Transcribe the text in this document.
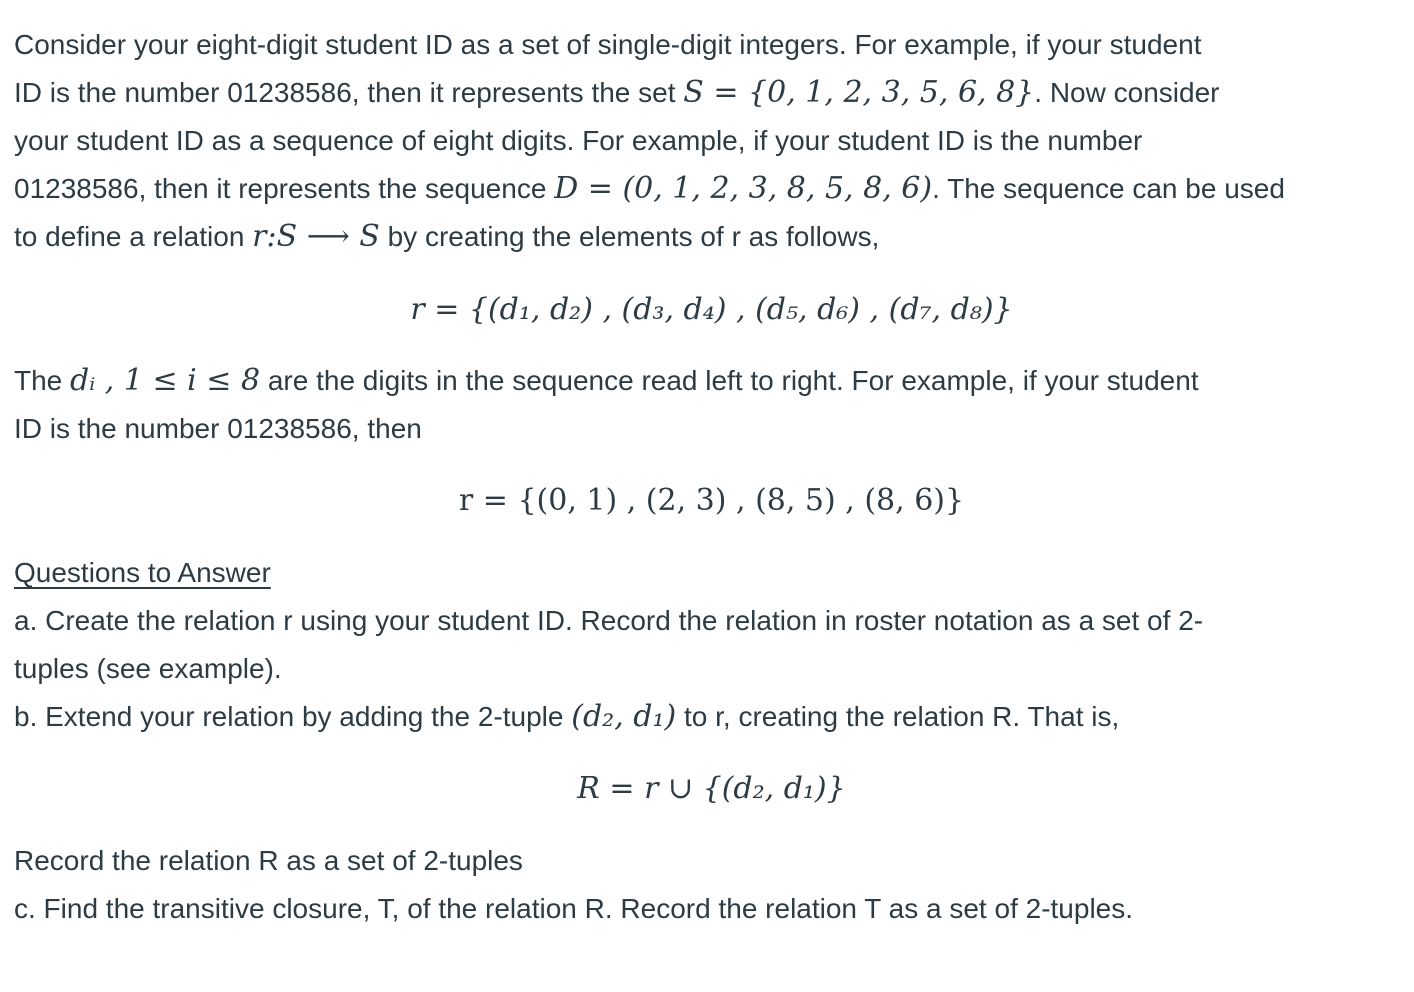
Consider your eight-digit student ID as a set of single-digit integers. For example, if your student
ID is the number 01238586, then it represents the set S = {0, 1, 2, 3, 5, 6, 8}. Now consider
your student ID as a sequence of eight digits. For example, if your student ID is the number
01238586, then it represents the sequence D = (0, 1, 2, 3, 8, 5, 8, 6). The sequence can be used
to define a relation r:S ⟶ S by creating the elements of r as follows,
r = {(d₁, d₂) , (d₃, d₄) , (d₅, d₆) , (d₇, d₈)}
The dᵢ , 1 ≤ i ≤ 8 are the digits in the sequence read left to right. For example, if your student
ID is the number 01238586, then
r = {(0, 1) , (2, 3) , (8, 5) , (8, 6)}
Questions to Answer
a. Create the relation r using your student ID. Record the relation in roster notation as a set of 2-
tuples (see example).
b. Extend your relation by adding the 2-tuple (d₂, d₁) to r, creating the relation R. That is,
R = r ∪ {(d₂, d₁)}
Record the relation R as a set of 2-tuples
c. Find the transitive closure, T, of the relation R. Record the relation T as a set of 2-tuples.
